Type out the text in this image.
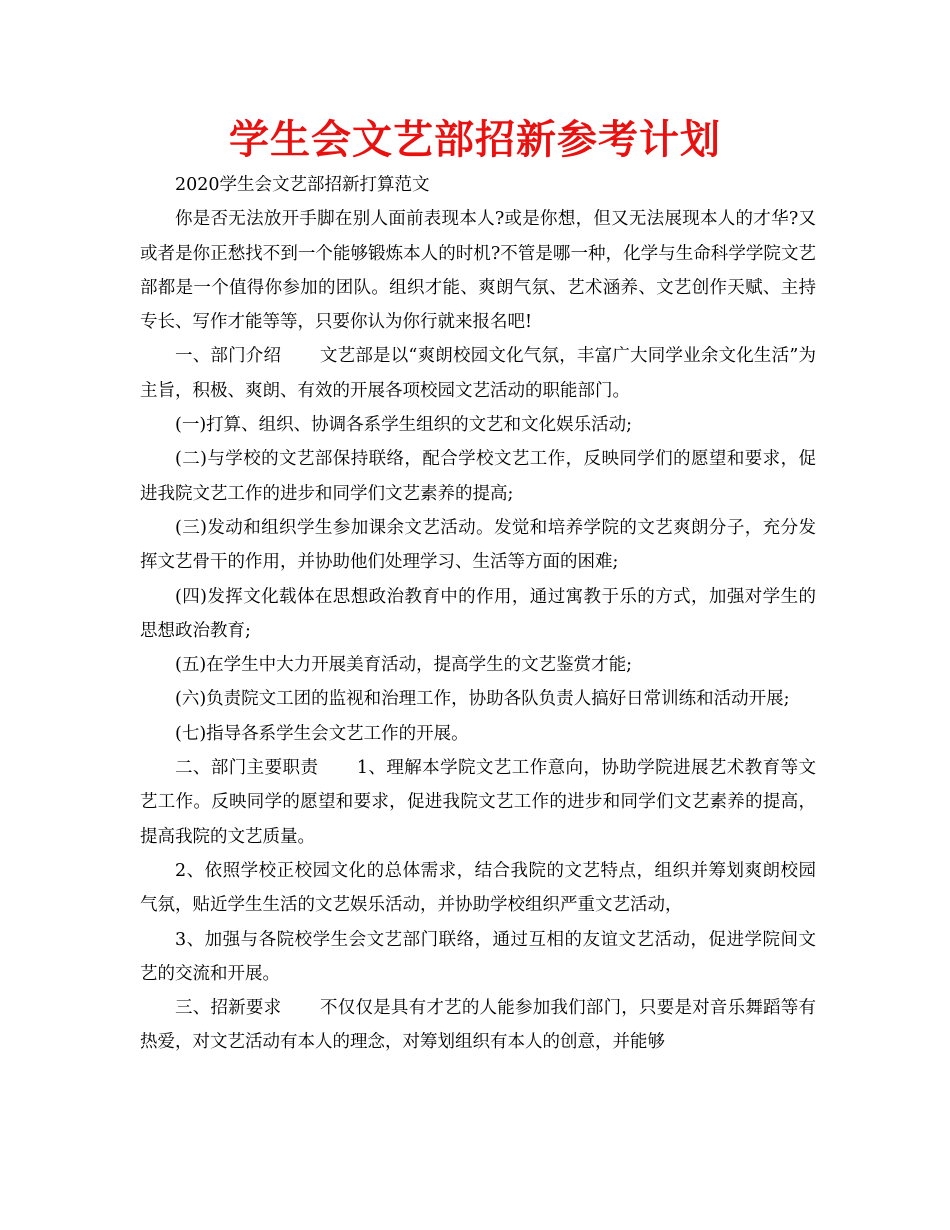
学生会文艺部招新参考计划

2020学生会文艺部招新打算范文

你是否无法放开手脚在别人面前表现本人?或是你想，但又无法展现本人的才华?又或者是你正愁找不到一个能够锻炼本人的时机?不管是哪一种，化学与生命科学学院文艺部都是一个值得你参加的团队。组织才能、爽朗气氛、艺术涵养、文艺创作天赋、主持专长、写作才能等等，只要你认为你行就来报名吧!

一、部门介绍 文艺部是以“爽朗校园文化气氛，丰富广大同学业余文化生活”为主旨，积极、爽朗、有效的开展各项校园文艺活动的职能部门。

(一)打算、组织、协调各系学生组织的文艺和文化娱乐活动;

(二)与学校的文艺部保持联络，配合学校文艺工作，反映同学们的愿望和要求，促进我院文艺工作的进步和同学们文艺素养的提高;

(三)发动和组织学生参加课余文艺活动。发觉和培养学院的文艺爽朗分子，充分发挥文艺骨干的作用，并协助他们处理学习、生活等方面的困难;

(四)发挥文化载体在思想政治教育中的作用，通过寓教于乐的方式，加强对学生的思想政治教育;

(五)在学生中大力开展美育活动，提高学生的文艺鉴赏才能;

(六)负责院文工团的监视和治理工作，协助各队负责人搞好日常训练和活动开展;

(七)指导各系学生会文艺工作的开展。

二、部门主要职责 1、理解本学院文艺工作意向，协助学院进展艺术教育等文艺工作。反映同学的愿望和要求，促进我院文艺工作的进步和同学们文艺素养的提高，提高我院的文艺质量。

2、依照学校正校园文化的总体需求，结合我院的文艺特点，组织并筹划爽朗校园气氛，贴近学生生活的文艺娱乐活动，并协助学校组织严重文艺活动，

3、加强与各院校学生会文艺部门联络，通过互相的友谊文艺活动，促进学院间文艺的交流和开展。

三、招新要求 不仅仅是具有才艺的人能参加我们部门，只要是对音乐舞蹈等有热爱，对文艺活动有本人的理念，对筹划组织有本人的创意，并能够
